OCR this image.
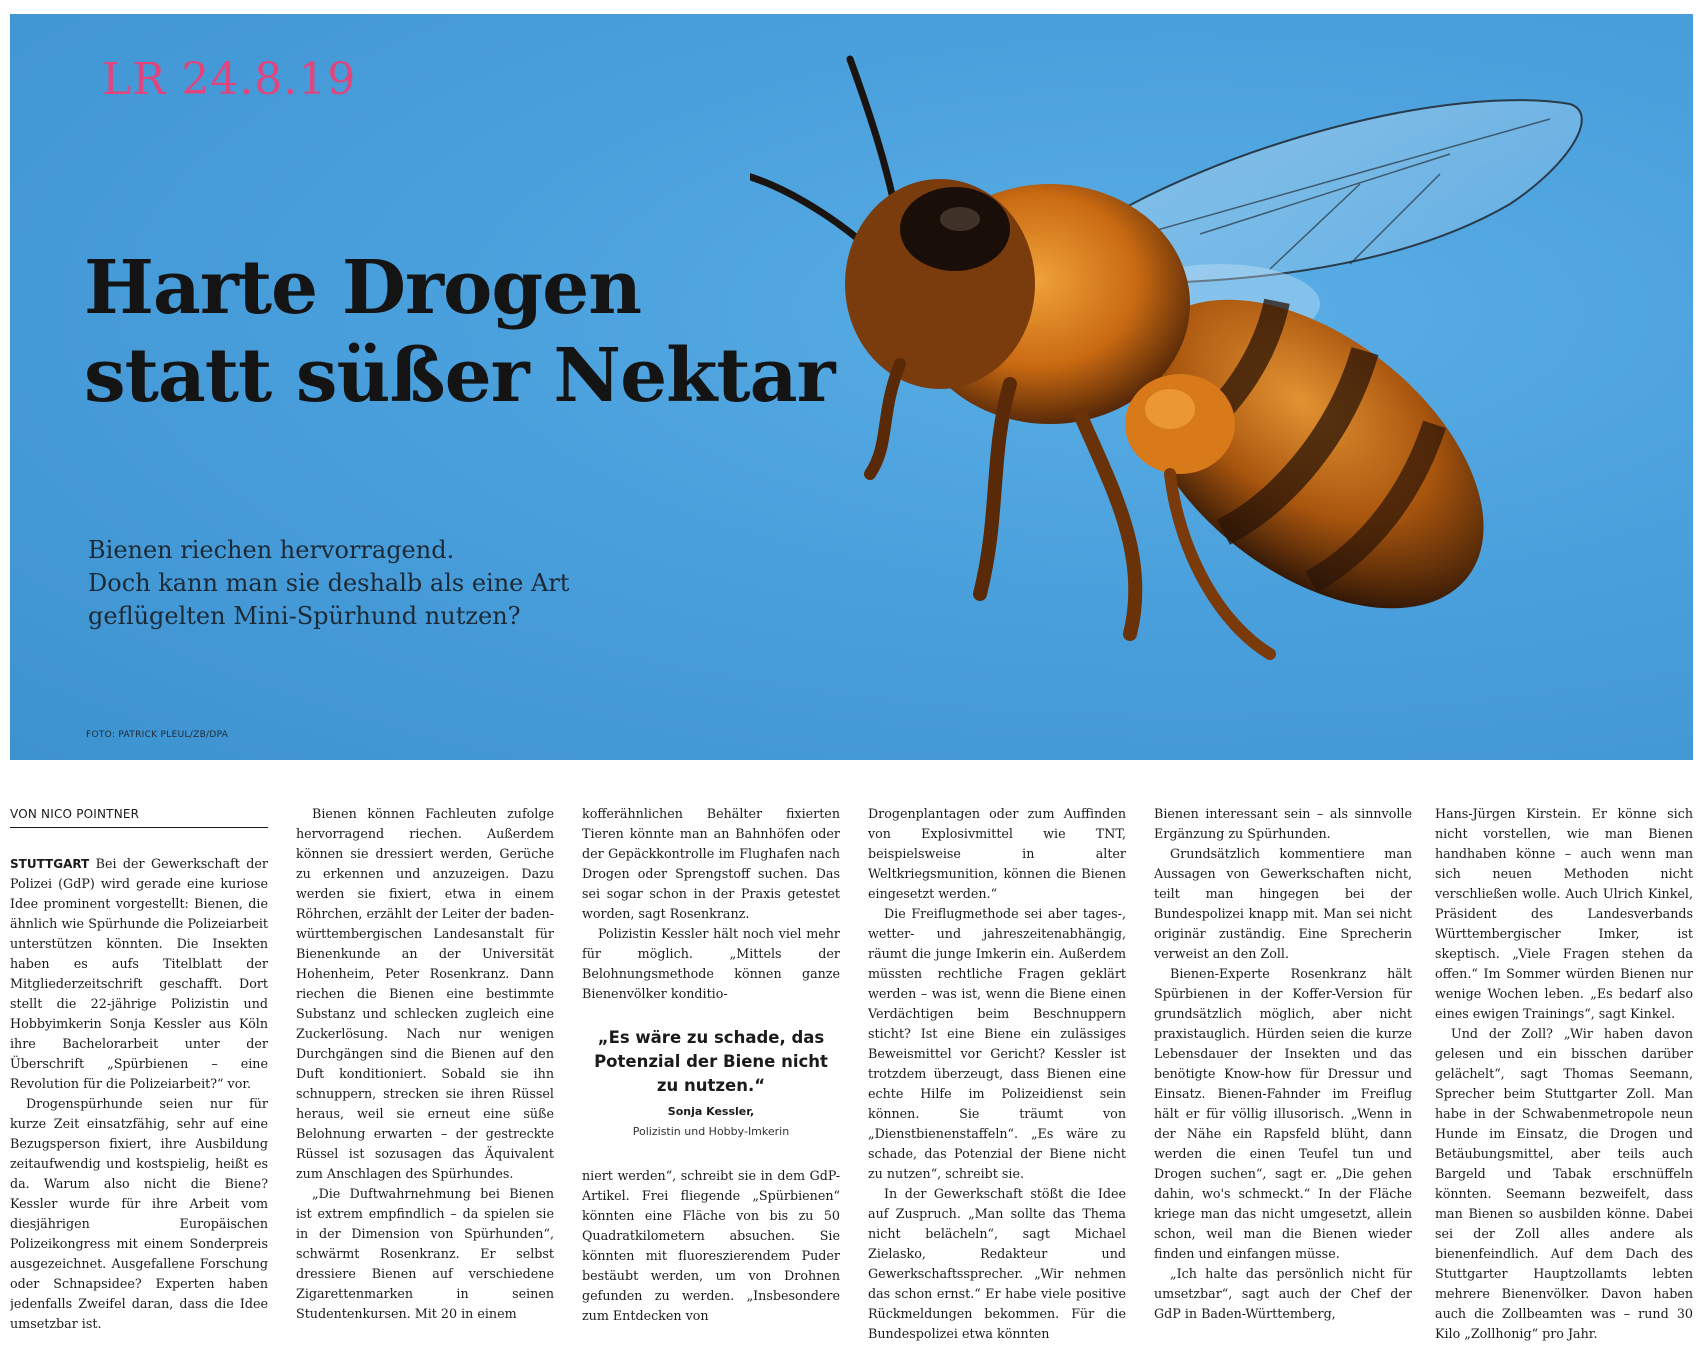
LR 24.8.19
Harte Drogen
statt süßer Nektar
Bienen riechen hervorragend.
Doch kann man sie deshalb als eine Art
geflügelten Mini-Spürhund nutzen?
FOTO: PATRICK PLEUL/ZB/DPA
VON NICO POINTNER

STUTTGART Bei der Gewerkschaft der Polizei (GdP) wird gerade eine kuriose Idee prominent vorgestellt: Bienen, die ähnlich wie Spürhunde die Polizeiarbeit unterstützen könnten. Die Insekten haben es aufs Titelblatt der Mitgliederzeitschrift geschafft. Dort stellt die 22-jährige Polizistin und Hobbyimkerin Sonja Kessler aus Köln ihre Bachelorarbeit unter der Überschrift „Spürbienen – eine Revolution für die Polizeiarbeit?“ vor.

Drogenspürhunde seien nur für kurze Zeit einsatzfähig, sehr auf eine Bezugsperson fixiert, ihre Ausbildung zeitaufwendig und kostspielig, heißt es da. Warum also nicht die Biene? Kessler wurde für ihre Arbeit vom diesjährigen Europäischen Polizeikongress mit einem Sonderpreis ausgezeichnet. Ausgefallene Forschung oder Schnapsidee? Experten haben jedenfalls Zweifel daran, dass die Idee umsetzbar ist.

Bienen können Fachleuten zufolge hervorragend riechen. Außerdem können sie dressiert werden, Gerüche zu erkennen und anzuzeigen. Dazu werden sie fixiert, etwa in einem Röhrchen, erzählt der Leiter der baden-württembergischen Landesanstalt für Bienenkunde an der Universität Hohenheim, Peter Rosenkranz. Dann riechen die Bienen eine bestimmte Substanz und schlecken zugleich eine Zuckerlösung. Nach nur wenigen Durchgängen sind die Bienen auf den Duft konditioniert. Sobald sie ihn schnuppern, strecken sie ihren Rüssel heraus, weil sie erneut eine süße Belohnung erwarten – der gestreckte Rüssel ist sozusagen das Äquivalent zum Anschlagen des Spürhundes.

„Die Duftwahrnehmung bei Bienen ist extrem empfindlich – da spielen sie in der Dimension von Spürhunden“, schwärmt Rosenkranz. Er selbst dressiere Bienen auf verschiedene Zigarettenmarken in seinen Studentenkursen. Mit 20 in einem

kofferähnlichen Behälter fixierten Tieren könnte man an Bahnhöfen oder der Gepäckkontrolle im Flughafen nach Drogen oder Sprengstoff suchen. Das sei sogar schon in der Praxis getestet worden, sagt Rosenkranz.

Polizistin Kessler hält noch viel mehr für möglich. „Mittels der Belohnungsmethode können ganze Bienenvölker konditio-

„Es wäre zu schade, das Potenzial der Biene nicht zu nutzen.“
Sonja Kessler,
Polizistin und Hobby-Imkerin

niert werden“, schreibt sie in dem GdP-Artikel. Frei fliegende „Spürbienen“ könnten eine Fläche von bis zu 50 Quadratkilometern absuchen. Sie könnten mit fluoreszierendem Puder bestäubt werden, um von Drohnen gefunden zu werden. „Insbesondere zum Entdecken von

Drogenplantagen oder zum Auffinden von Explosivmittel wie TNT, beispielsweise in alter Weltkriegsmunition, können die Bienen eingesetzt werden.“

Die Freiflugmethode sei aber tages-, wetter- und jahreszeitenabhängig, räumt die junge Imkerin ein. Außerdem müssten rechtliche Fragen geklärt werden – was ist, wenn die Biene einen Verdächtigen beim Beschnuppern sticht? Ist eine Biene ein zulässiges Beweismittel vor Gericht? Kessler ist trotzdem überzeugt, dass Bienen eine echte Hilfe im Polizeidienst sein können. Sie träumt von „Dienstbienenstaffeln“. „Es wäre zu schade, das Potenzial der Biene nicht zu nutzen“, schreibt sie.

In der Gewerkschaft stößt die Idee auf Zuspruch. „Man sollte das Thema nicht belächeln“, sagt Michael Zielasko, Redakteur und Gewerkschaftssprecher. „Wir nehmen das schon ernst.“ Er habe viele positive Rückmeldungen bekommen. Für die Bundespolizei etwa könnten

Bienen interessant sein – als sinnvolle Ergänzung zu Spürhunden.

Grundsätzlich kommentiere man Aussagen von Gewerkschaften nicht, teilt man hingegen bei der Bundespolizei knapp mit. Man sei nicht originär zuständig. Eine Sprecherin verweist an den Zoll.

Bienen-Experte Rosenkranz hält Spürbienen in der Koffer-Version für grundsätzlich möglich, aber nicht praxistauglich. Hürden seien die kurze Lebensdauer der Insekten und das benötigte Know-how für Dressur und Einsatz. Bienen-Fahnder im Freiflug hält er für völlig illusorisch. „Wenn in der Nähe ein Rapsfeld blüht, dann werden die einen Teufel tun und Drogen suchen“, sagt er. „Die gehen dahin, wo's schmeckt.“ In der Fläche kriege man das nicht umgesetzt, allein schon, weil man die Bienen wieder finden und einfangen müsse.

„Ich halte das persönlich nicht für umsetzbar“, sagt auch der Chef der GdP in Baden-Württemberg,

Hans-Jürgen Kirstein. Er könne sich nicht vorstellen, wie man Bienen handhaben könne – auch wenn man sich neuen Methoden nicht verschließen wolle. Auch Ulrich Kinkel, Präsident des Landesverbands Württembergischer Imker, ist skeptisch. „Viele Fragen stehen da offen.“ Im Sommer würden Bienen nur wenige Wochen leben. „Es bedarf also eines ewigen Trainings“, sagt Kinkel.

Und der Zoll? „Wir haben davon gelesen und ein bisschen darüber gelächelt“, sagt Thomas Seemann, Sprecher beim Stuttgarter Zoll. Man habe in der Schwabenmetropole neun Hunde im Einsatz, die Drogen und Betäubungsmittel, aber teils auch Bargeld und Tabak erschnüffeln könnten. Seemann bezweifelt, dass man Bienen so ausbilden könne. Dabei sei der Zoll alles andere als bienenfeindlich. Auf dem Dach des Stuttgarter Hauptzollamts lebten mehrere Bienenvölker. Davon haben auch die Zollbeamten was – rund 30 Kilo „Zollhonig“ pro Jahr.
